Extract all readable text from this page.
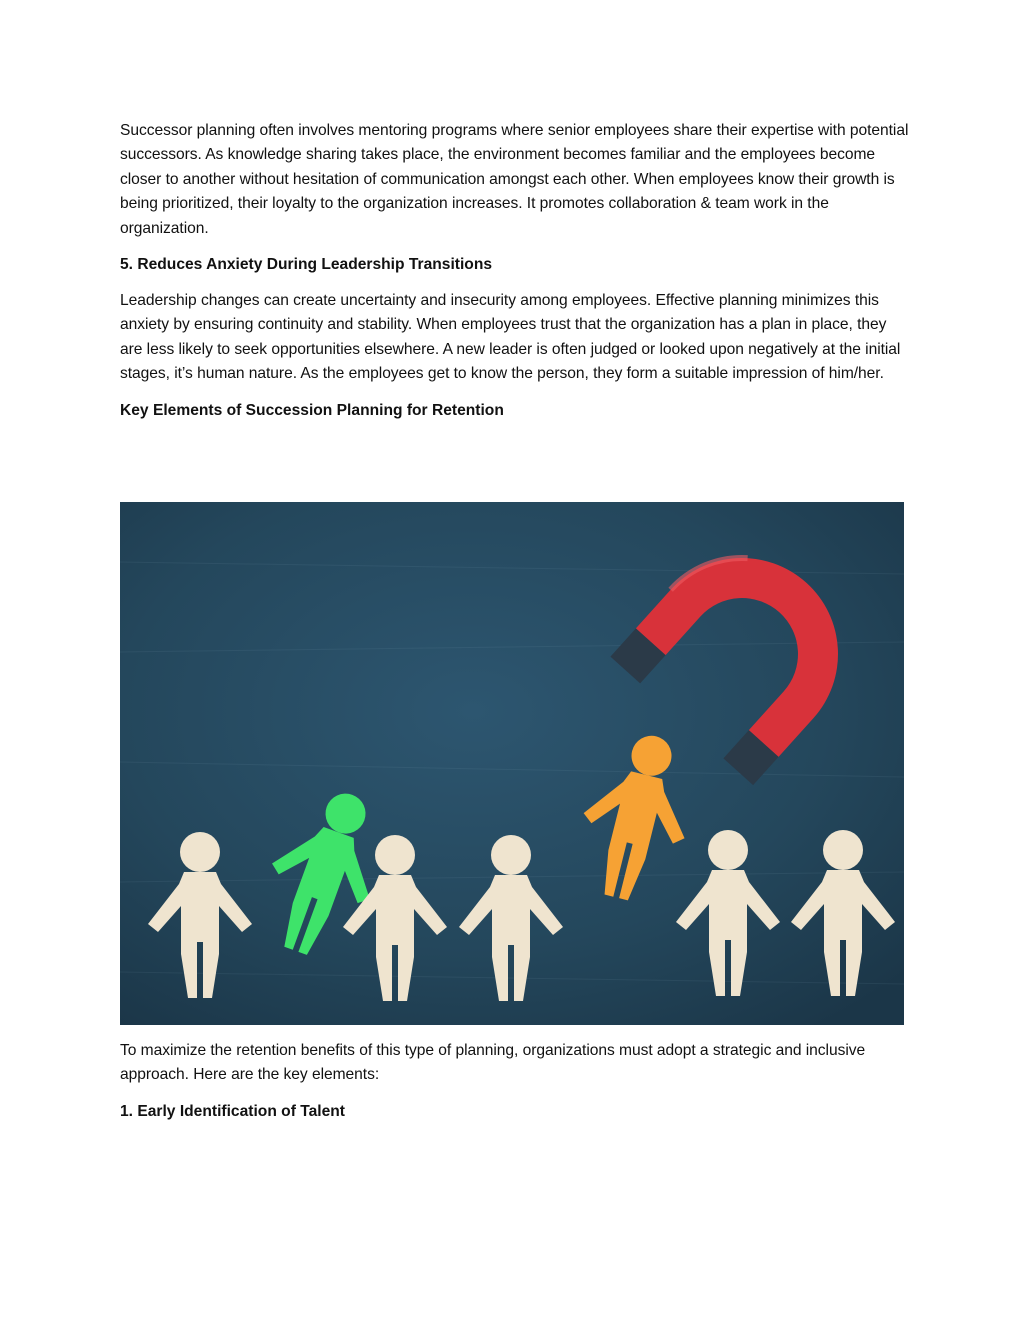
Successor planning often involves mentoring programs where senior employees share their expertise with potential successors. As knowledge sharing takes place, the environment becomes familiar and the employees become closer to another without hesitation of communication amongst each other. When employees know their growth is being prioritized, their loyalty to the organization increases. It promotes collaboration & team work in the organization.

5. Reduces Anxiety During Leadership Transitions

Leadership changes can create uncertainty and insecurity among employees. Effective planning minimizes this anxiety by ensuring continuity and stability. When employees trust that the organization has a plan in place, they are less likely to seek opportunities elsewhere. A new leader is often judged or looked upon negatively at the initial stages, it’s human nature. As the employees get to know the person, they form a suitable impression of him/her.

Key Elements of Succession Planning for Retention

To maximize the retention benefits of this type of planning, organizations must adopt a strategic and inclusive approach. Here are the key elements:

1. Early Identification of Talent
